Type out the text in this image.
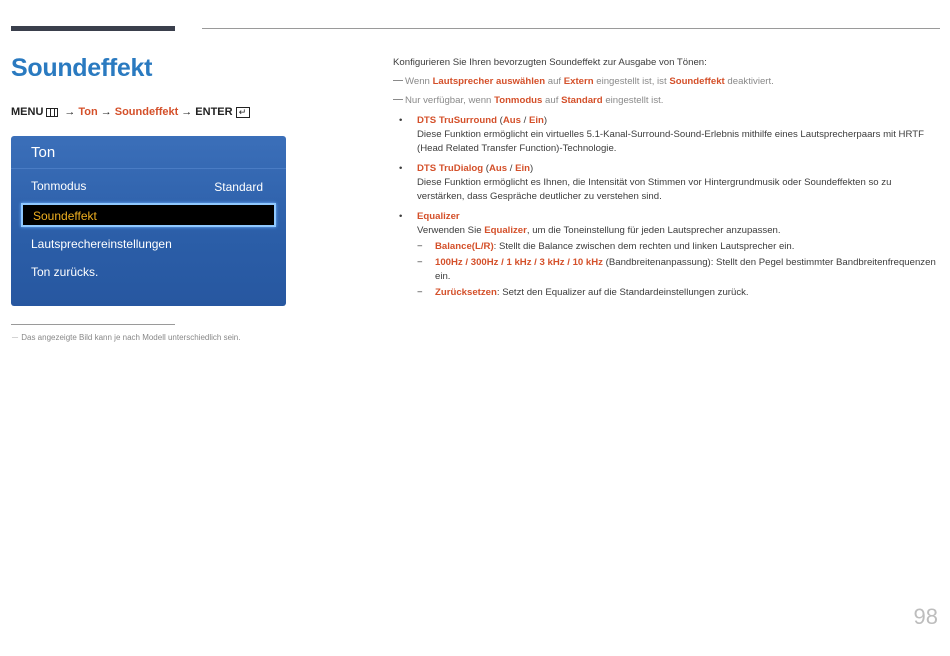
Soundeffekt
MENU → Ton → Soundeffekt → ENTER ↵
Ton
Tonmodus	Standard
Soundeffekt
Lautsprechereinstellungen
Ton zurücks.
－ Das angezeigte Bild kann je nach Modell unterschiedlich sein.

Konfigurieren Sie Ihren bevorzugten Soundeffekt zur Ausgabe von Tönen:

Wenn Lautsprecher auswählen auf Extern eingestellt ist, ist Soundeffekt deaktiviert.

Nur verfügbar, wenn Tonmodus auf Standard eingestellt ist.

• DTS TruSurround (Aus / Ein)
Diese Funktion ermöglicht ein virtuelles 5.1-Kanal-Surround-Sound-Erlebnis mithilfe eines Lautsprecherpaars mit HRTF (Head Related Transfer Function)-Technologie.
• DTS TruDialog (Aus / Ein)
Diese Funktion ermöglicht es Ihnen, die Intensität von Stimmen vor Hintergrundmusik oder Soundeffekten so zu verstärken, dass Gespräche deutlicher zu verstehen sind.
• Equalizer
Verwenden Sie Equalizer, um die Toneinstellung für jeden Lautsprecher anzupassen.
− Balance(L/R): Stellt die Balance zwischen dem rechten und linken Lautsprecher ein.
− 100Hz / 300Hz / 1 kHz / 3 kHz / 10 kHz (Bandbreitenanpassung): Stellt den Pegel bestimmter Bandbreitenfrequenzen ein.
− Zurücksetzen: Setzt den Equalizer auf die Standardeinstellungen zurück.
98
